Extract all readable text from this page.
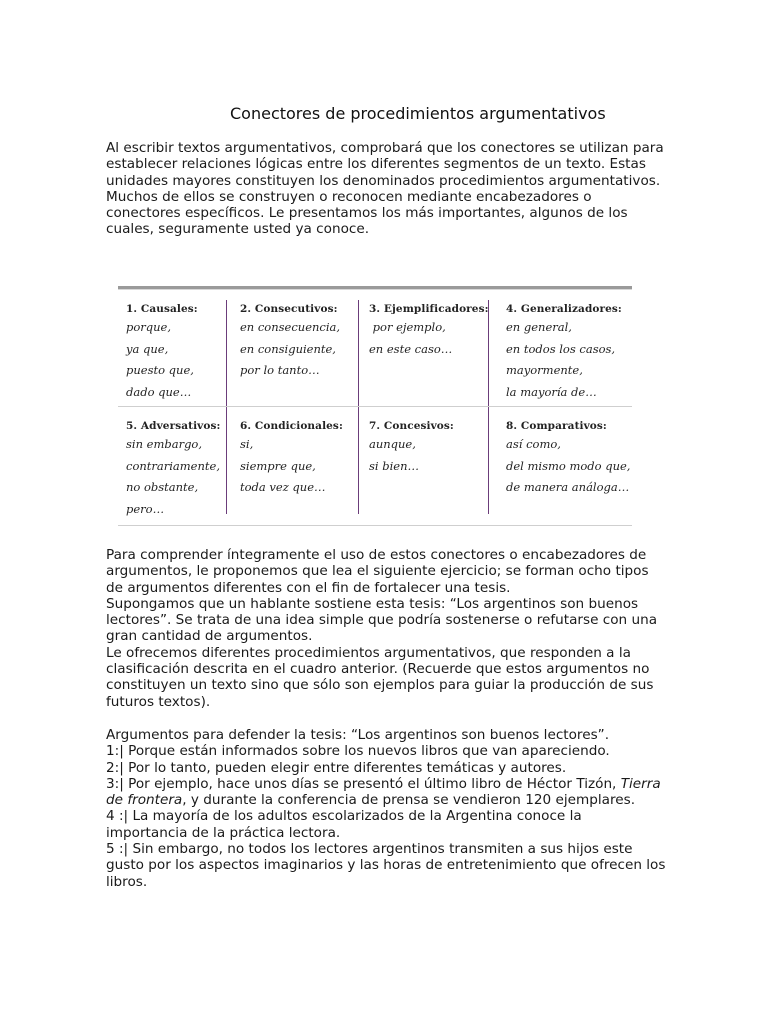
Conectores de procedimientos argumentativos

Al escribir textos argumentativos, comprobará que los conectores se utilizan para establecer relaciones lógicas entre los diferentes segmentos de un texto. Estas unidades mayores constituyen los denominados procedimientos argumentativos.

Muchos de ellos se construyen o reconocen mediante encabezadores o conectores específicos. Le presentamos los más importantes, algunos de los cuales, seguramente usted ya conoce.

1. Causales:

porque,

ya que,

puesto que,

dado que…

2. Consecutivos:

en consecuencia,

en consiguiente,

por lo tanto…

3. Ejemplificadores:

por ejemplo,

en este caso…

4. Generalizadores:

en general,

en todos los casos,

mayormente,

la mayoría de…

5. Adversativos:

sin embargo,

contrariamente,

no obstante,

pero…

6. Condicionales:

si,

siempre que,

toda vez que…

7. Concesivos:

aunque,

si bien…

8. Comparativos:

así como,

del mismo modo que,

de manera análoga…

Para comprender íntegramente el uso de estos conectores o encabezadores de argumentos, le proponemos que lea el siguiente ejercicio; se forman ocho tipos de argumentos diferentes con el fin de fortalecer una tesis.

Supongamos que un hablante sostiene esta tesis: “Los argentinos son buenos lectores”. Se trata de una idea simple que podría sostenerse o refutarse con una gran cantidad de argumentos.

Le ofrecemos diferentes procedimientos argumentativos, que responden a la clasificación descrita en el cuadro anterior. (Recuerde que estos argumentos no constituyen un texto sino que sólo son ejemplos para guiar la producción de sus futuros textos).

Argumentos para defender la tesis: “Los argentinos son buenos lectores”.

1:| Porque están informados sobre los nuevos libros que van apareciendo.

2:| Por lo tanto, pueden elegir entre diferentes temáticas y autores.

3:| Por ejemplo, hace unos días se presentó el último libro de Héctor Tizón, Tierra de frontera, y durante la conferencia de prensa se vendieron 120 ejemplares.

4 :| La mayoría de los adultos escolarizados de la Argentina conoce la importancia de la práctica lectora.

5 :| Sin embargo, no todos los lectores argentinos transmiten a sus hijos este gusto por los aspectos imaginarios y las horas de entretenimiento que ofrecen los libros.
